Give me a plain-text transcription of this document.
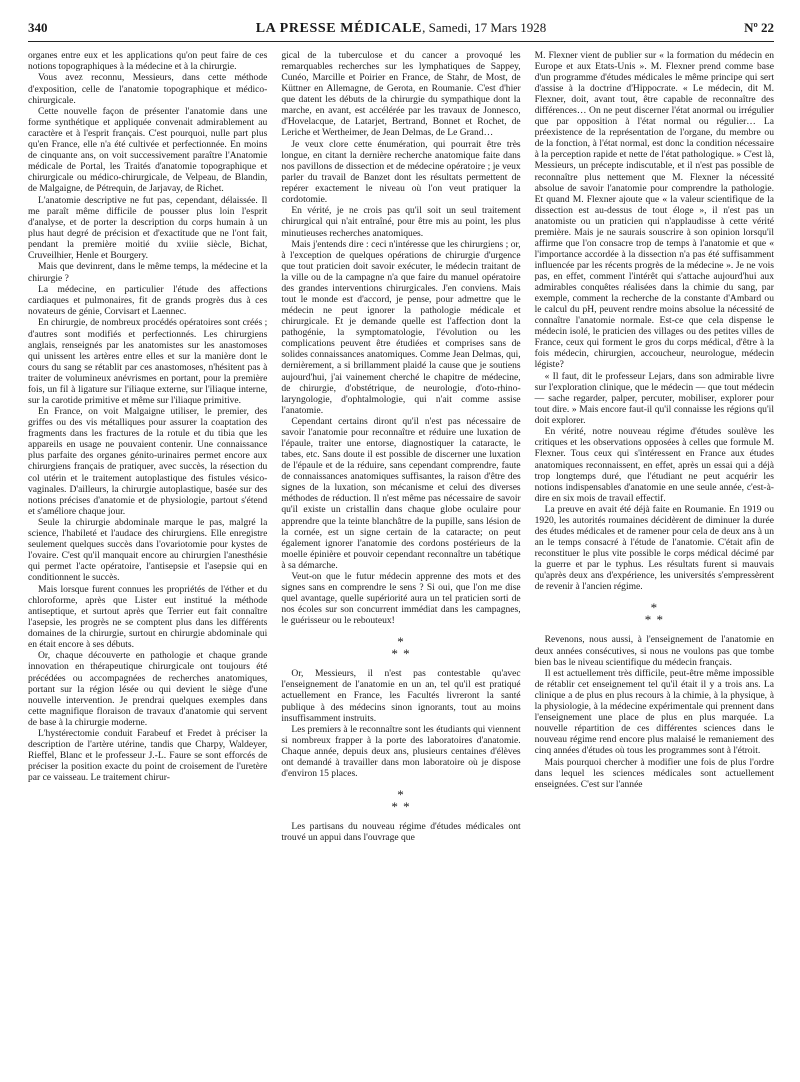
340	LA PRESSE MÉDICALE, Samedi, 17 Mars 1928	Nº 22

organes entre eux et les applications qu'on peut faire de ces notions topographiques à la médecine et à la chirurgie.

Vous avez reconnu, Messieurs, dans cette méthode d'exposition, celle de l'anatomie topographique et médico-chirurgicale.

Cette nouvelle façon de présenter l'anatomie dans une forme synthétique et appliquée convenait admirablement au caractère et à l'esprit français. C'est pourquoi, nulle part plus qu'en France, elle n'a été cultivée et perfectionnée. En moins de cinquante ans, on voit successivement paraître l'Anatomie médicale de Portal, les Traités d'anatomie topographique et chirurgicale ou médico-chirurgicale, de Velpeau, de Blandin, de Malgaigne, de Pétrequin, de Jarjavay, de Richet.

L'anatomie descriptive ne fut pas, cependant, délaissée. Il me paraît même difficile de pousser plus loin l'esprit d'analyse, et de porter la description du corps humain à un plus haut degré de précision et d'exactitude que ne l'ont fait, pendant la première moitié du xviiie siècle, Bichat, Cruveilhier, Henle et Bourgery.

Mais que devinrent, dans le même temps, la médecine et la chirurgie ?

La médecine, en particulier l'étude des affections cardiaques et pulmonaires, fit de grands progrès dus à ces novateurs de génie, Corvisart et Laennec.

En chirurgie, de nombreux procédés opératoires sont créés ; d'autres sont modifiés et perfectionnés. Les chirurgiens anglais, renseignés par les anatomistes sur les anastomoses qui unissent les artères entre elles et sur la manière dont le cours du sang se rétablit par ces anastomoses, n'hésitent pas à traiter de volumineux anévrismes en portant, pour la première fois, un fil à ligature sur l'iliaque externe, sur l'iliaque interne, sur la carotide primitive et même sur l'iliaque primitive.

En France, on voit Malgaigne utiliser, le premier, des griffes ou des vis métalliques pour assurer la coaptation des fragments dans les fractures de la rotule et du tibia que les appareils en usage ne pouvaient contenir. Une connaissance plus parfaite des organes génito-urinaires permet encore aux chirurgiens français de pratiquer, avec succès, la résection du col utérin et le traitement autoplastique des fistules vésico-vaginales. D'ailleurs, la chirurgie autoplastique, basée sur des notions précises d'anatomie et de physiologie, partout s'étend et s'améliore chaque jour.

Seule la chirurgie abdominale marque le pas, malgré la science, l'habileté et l'audace des chirurgiens. Elle enregistre seulement quelques succès dans l'ovariotomie pour kystes de l'ovaire. C'est qu'il manquait encore au chirurgien l'anesthésie qui permet l'acte opératoire, l'antisepsie et l'asepsie qui en conditionnent le succès.

Mais lorsque furent connues les propriétés de l'éther et du chloroforme, après que Lister eut institué la méthode antiseptique, et surtout après que Terrier eut fait connaître l'asepsie, les progrès ne se comptent plus dans les différents domaines de la chirurgie, surtout en chirurgie abdominale qui en était encore à ses débuts.

Or, chaque découverte en pathologie et chaque grande innovation en thérapeutique chirurgicale ont toujours été précédées ou accompagnées de recherches anatomiques, portant sur la région lésée ou qui devient le siège d'une nouvelle intervention. Je prendrai quelques exemples dans cette magnifique floraison de travaux d'anatomie qui servent de base à la chirurgie moderne.

L'hystérectomie conduit Farabeuf et Fredet à préciser la description de l'artère utérine, tandis que Charpy, Waldeyer, Rieffel, Blanc et le professeur J.-L. Faure se sont efforcés de préciser la position exacte du point de croisement de l'uretère par ce vaisseau. Le traitement chirur-

gical de la tuberculose et du cancer a provoqué les remarquables recherches sur les lymphatiques de Sappey, Cunéo, Marcille et Poirier en France, de Stahr, de Most, de Küttner en Allemagne, de Gerota, en Roumanie. C'est d'hier que datent les débuts de la chirurgie du sympathique dont la marche, en avant, est accélérée par les travaux de Jonnesco, d'Hovelacque, de Latarjet, Bertrand, Bonnet et Rochet, de Leriche et Wertheimer, de Jean Delmas, de Le Grand…

Je veux clore cette énumération, qui pourrait être très longue, en citant la dernière recherche anatomique faite dans nos pavillons de dissection et de médecine opératoire ; je veux parler du travail de Banzet dont les résultats permettent de repérer exactement le niveau où l'on veut pratiquer la cordotomie.

En vérité, je ne crois pas qu'il soit un seul traitement chirurgical qui n'ait entraîné, pour être mis au point, les plus minutieuses recherches anatomiques.

Mais j'entends dire : ceci n'intéresse que les chirurgiens ; or, à l'exception de quelques opérations de chirurgie d'urgence que tout praticien doit savoir exécuter, le médecin traitant de la ville ou de la campagne n'a que faire du manuel opératoire des grandes interventions chirurgicales. J'en conviens. Mais tout le monde est d'accord, je pense, pour admettre que le médecin ne peut ignorer la pathologie médicale et chirurgicale. Et je demande quelle est l'affection dont la pathogénie, la symptomatologie, l'évolution ou les complications peuvent être étudiées et comprises sans de solides connaissances anatomiques. Comme Jean Delmas, qui, dernièrement, a si brillamment plaidé la cause que je soutiens aujourd'hui, j'ai vainement cherché le chapitre de médecine, de chirurgie, d'obstétrique, de neurologie, d'oto-rhino-laryngologie, d'ophtalmologie, qui n'ait comme assise l'anatomie.

Cependant certains diront qu'il n'est pas nécessaire de savoir l'anatomie pour reconnaître et réduire une luxation de l'épaule, traiter une entorse, diagnostiquer la cataracte, le tabes, etc. Sans doute il est possible de discerner une luxation de l'épaule et de la réduire, sans cependant comprendre, faute de connaissances anatomiques suffisantes, la raison d'être des signes de la luxation, son mécanisme et celui des diverses méthodes de réduction. Il n'est même pas nécessaire de savoir qu'il existe un cristallin dans chaque globe oculaire pour apprendre que la teinte blanchâtre de la pupille, sans lésion de la cornée, est un signe certain de la cataracte; on peut également ignorer l'anatomie des cordons postérieurs de la moelle épinière et pouvoir cependant reconnaître un tabétique à sa démarche.

Veut-on que le futur médecin apprenne des mots et des signes sans en comprendre le sens ? Si oui, que l'on me dise quel avantage, quelle supériorité aura un tel praticien sorti de nos écoles sur son concurrent immédiat dans les campagnes, le guérisseur ou le rebouteux!

*
* *

Or, Messieurs, il n'est pas contestable qu'avec l'enseignement de l'anatomie en un an, tel qu'il est pratiqué actuellement en France, les Facultés livreront la santé publique à des médecins sinon ignorants, tout au moins insuffisamment instruits.

Les premiers à le reconnaître sont les étudiants qui viennent si nombreux frapper à la porte des laboratoires d'anatomie. Chaque année, depuis deux ans, plusieurs centaines d'élèves ont demandé à travailler dans mon laboratoire où je dispose d'environ 15 places.

*
* *

Les partisans du nouveau régime d'études médicales ont trouvé un appui dans l'ouvrage que

M. Flexner vient de publier sur « la formation du médecin en Europe et aux Etats-Unis ». M. Flexner prend comme base d'un programme d'études médicales le même principe qui sert d'assise à la doctrine d'Hippocrate. « Le médecin, dit M. Flexner, doit, avant tout, être capable de reconnaître des différences… On ne peut discerner l'état anormal ou irrégulier que par opposition à l'état normal ou régulier… La préexistence de la représentation de l'organe, du membre ou de la fonction, à l'état normal, est donc la condition nécessaire à la perception rapide et nette de l'état pathologique. » C'est là, Messieurs, un précepte indiscutable, et il n'est pas possible de reconnaître plus nettement que M. Flexner la nécessité absolue de savoir l'anatomie pour comprendre la pathologie. Et quand M. Flexner ajoute que « la valeur scientifique de la dissection est au-dessus de tout éloge », il n'est pas un anatomiste ou un praticien qui n'applaudisse à cette vérité première. Mais je ne saurais souscrire à son opinion lorsqu'il affirme que l'on consacre trop de temps à l'anatomie et que « l'importance accordée à la dissection n'a pas été suffisamment influencée par les récents progrès de la médecine ». Je ne vois pas, en effet, comment l'intérêt qui s'attache aujourd'hui aux admirables conquêtes réalisées dans la chimie du sang, par exemple, comment la recherche de la constante d'Ambard ou le calcul du pH, peuvent rendre moins absolue la nécessité de connaître l'anatomie normale. Est-ce que cela dispense le médecin isolé, le praticien des villages ou des petites villes de France, ceux qui forment le gros du corps médical, d'être à la fois médecin, chirurgien, accoucheur, neurologue, médecin légiste?

« Il faut, dit le professeur Lejars, dans son admirable livre sur l'exploration clinique, que le médecin — que tout médecin — sache regarder, palper, percuter, mobiliser, explorer pour tout dire. » Mais encore faut-il qu'il connaisse les régions qu'il doit explorer.

En vérité, notre nouveau régime d'études soulève les critiques et les observations opposées à celles que formule M. Flexner. Tous ceux qui s'intéressent en France aux études anatomiques reconnaissent, en effet, après un essai qui a déjà trop longtemps duré, que l'étudiant ne peut acquérir les notions indispensables d'anatomie en une seule année, c'est-à-dire en six mois de travail effectif.

La preuve en avait été déjà faite en Roumanie. En 1919 ou 1920, les autorités roumaines décidèrent de diminuer la durée des études médicales et de ramener pour cela de deux ans à un an le temps consacré à l'étude de l'anatomie. C'était afin de reconstituer le plus vite possible le corps médical décimé par la guerre et par le typhus. Les résultats furent si mauvais qu'après deux ans d'expérience, les universités s'empressèrent de revenir à l'ancien régime.

*
* *

Revenons, nous aussi, à l'enseignement de l'anatomie en deux années consécutives, si nous ne voulons pas que tombe bien bas le niveau scientifique du médecin français.

Il est actuellement très difficile, peut-être même impossible de rétablir cet enseignement tel qu'il était il y a trois ans. La clinique a de plus en plus recours à la chimie, à la physique, à la physiologie, à la médecine expérimentale qui prennent dans l'enseignement une place de plus en plus marquée. La nouvelle répartition de ces différentes sciences dans le nouveau régime rend encore plus malaisé le remaniement des cinq années d'études où tous les programmes sont à l'étroit.

Mais pourquoi chercher à modifier une fois de plus l'ordre dans lequel les sciences médicales sont actuellement enseignées. C'est sur l'année
